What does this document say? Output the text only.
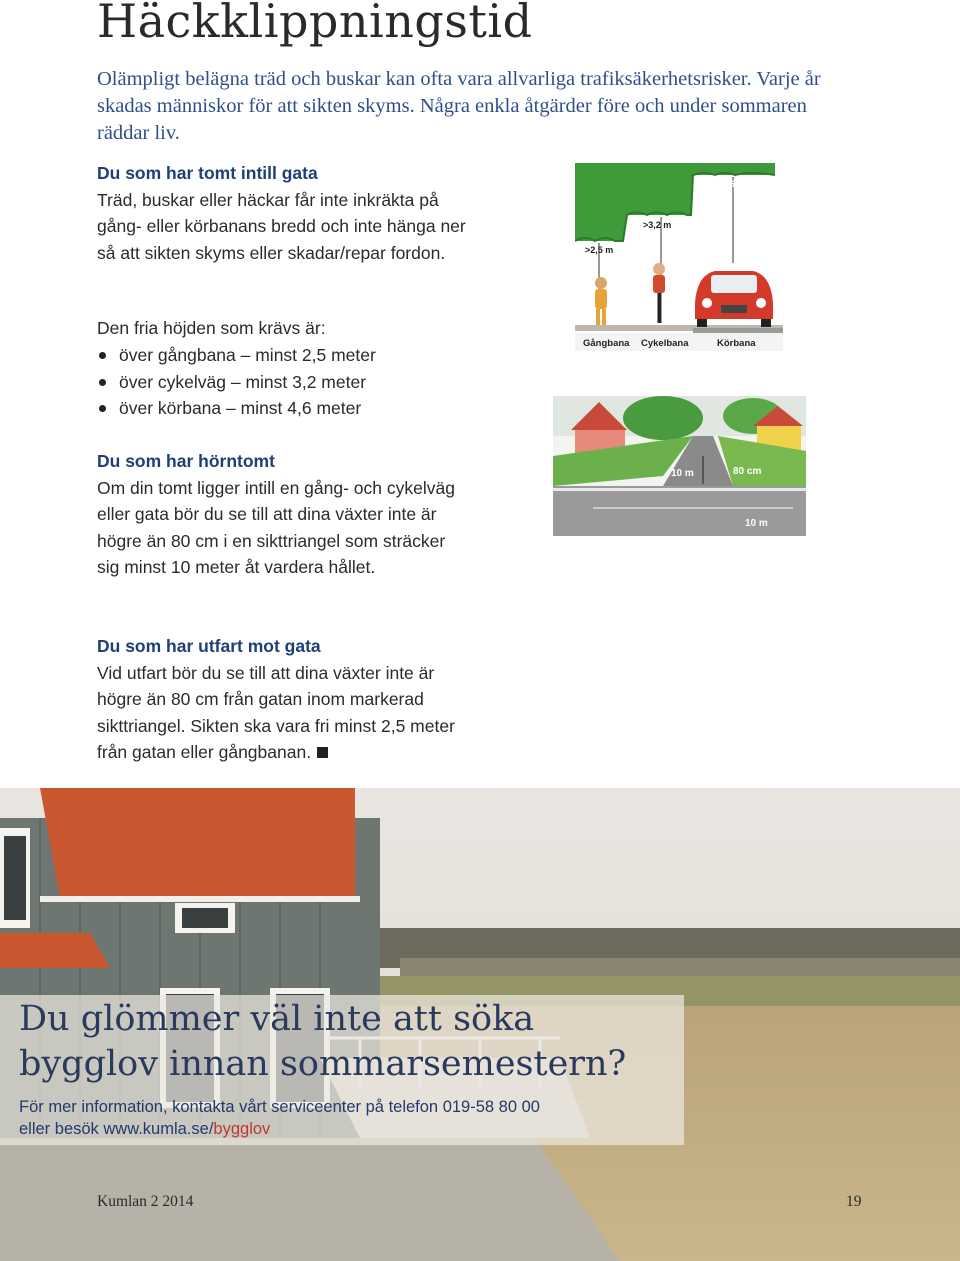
Häckklippningstid

Olämpligt belägna träd och buskar kan ofta vara allvarliga trafiksäkerhetsrisker. Varje år skadas människor för att sikten skyms. Några enkla åtgärder före och under sommaren räddar liv.

Du som har tomt intill gata
Träd, buskar eller häckar får inte inkräkta på gång- eller körbanans bredd och inte hänga ner så att sikten skyms eller skadar/repar fordon.
Den fria höjden som krävs är:
över gångbana – minst 2,5 meter
över cykelväg – minst 3,2 meter
över körbana – minst 4,6 meter
Du som har hörntomt
Om din tomt ligger intill en gång- och cykelväg eller gata bör du se till att dina växter inte är högre än 80 cm i en sikttriangel som sträcker sig minst 10 meter åt vardera hållet.
Du som har utfart mot gata
Vid utfart bör du se till att dina växter inte är högre än 80 cm från gatan inom markerad sikttriangel. Sikten ska vara fri minst 2,5 meter från gatan eller gångbanan.
>2,5 m
>3,2 m
>4,6 m
Gångbana Cykelbana	Körbana
10 m	80 cm
10 m
Du glömmer väl inte att söka bygglov innan sommarsemestern?

För mer information, kontakta vårt serviceenter på telefon 019-58 80 00
eller besök www.kumla.se/bygglov

Kumlan 2 2014	19
